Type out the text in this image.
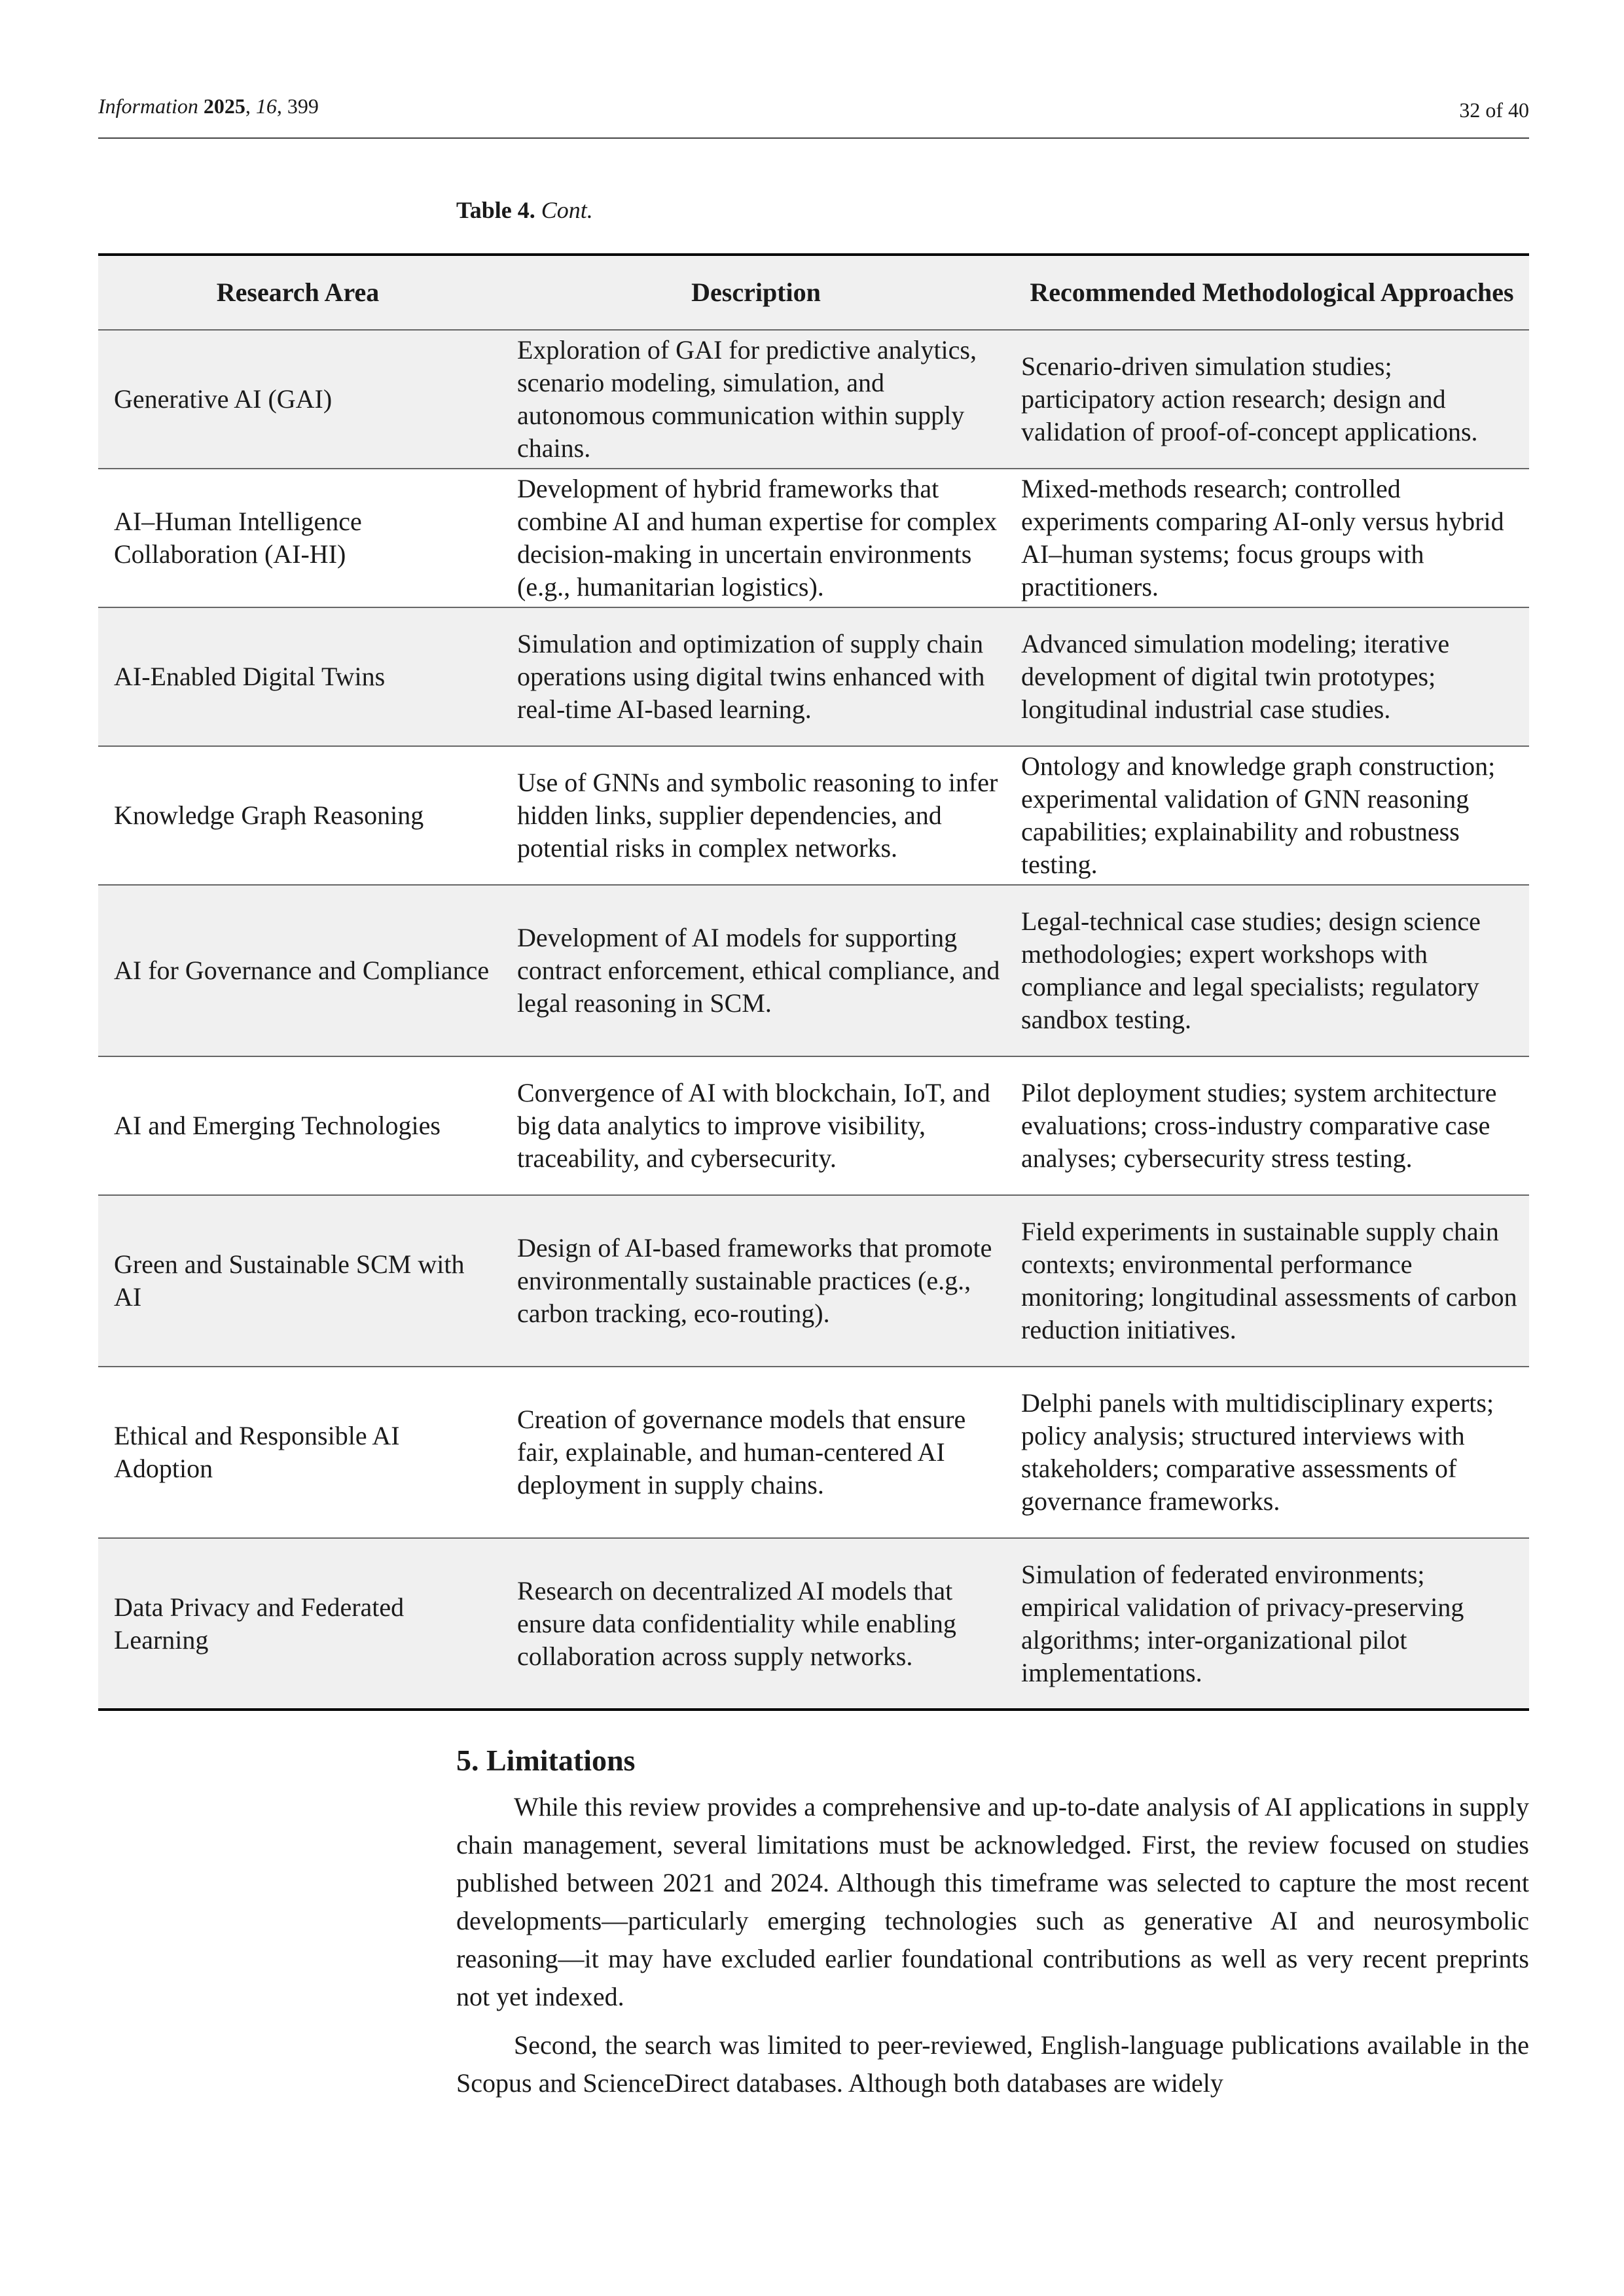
Information 2025, 16, 399	32 of 40
Table 4. Cont.
Research Area	Description	Recommended Methodological Approaches
Generative AI (GAI)	Exploration of GAI for predictive analytics, scenario modeling, simulation, and autonomous communication within supply chains.	Scenario-driven simulation studies; participatory action research; design and validation of proof-of-concept applications.
AI–Human Intelligence Collaboration (AI-HI)	Development of hybrid frameworks that combine AI and human expertise for complex decision-making in uncertain environments (e.g., humanitarian logistics).	Mixed-methods research; controlled experiments comparing AI-only versus hybrid AI–human systems; focus groups with practitioners.
AI-Enabled Digital Twins	Simulation and optimization of supply chain operations using digital twins enhanced with real-time AI-based learning.	Advanced simulation modeling; iterative development of digital twin prototypes; longitudinal industrial case studies.
Knowledge Graph Reasoning	Use of GNNs and symbolic reasoning to infer hidden links, supplier dependencies, and potential risks in complex networks.	Ontology and knowledge graph construction; experimental validation of GNN reasoning capabilities; explainability and robustness testing.
AI for Governance and Compliance	Development of AI models for supporting contract enforcement, ethical compliance, and legal reasoning in SCM.	Legal-technical case studies; design science methodologies; expert workshops with compliance and legal specialists; regulatory sandbox testing.
AI and Emerging Technologies	Convergence of AI with blockchain, IoT, and big data analytics to improve visibility, traceability, and cybersecurity.	Pilot deployment studies; system architecture evaluations; cross-industry comparative case analyses; cybersecurity stress testing.
Green and Sustainable SCM with AI	Design of AI-based frameworks that promote environmentally sustainable practices (e.g., carbon tracking, eco-routing).	Field experiments in sustainable supply chain contexts; environmental performance monitoring; longitudinal assessments of carbon reduction initiatives.
Ethical and Responsible AI Adoption	Creation of governance models that ensure fair, explainable, and human-centered AI deployment in supply chains.	Delphi panels with multidisciplinary experts; policy analysis; structured interviews with stakeholders; comparative assessments of governance frameworks.
Data Privacy and Federated Learning	Research on decentralized AI models that ensure data confidentiality while enabling collaboration across supply networks.	Simulation of federated environments; empirical validation of privacy-preserving algorithms; inter-organizational pilot implementations.
5. Limitations

While this review provides a comprehensive and up-to-date analysis of AI applications in supply chain management, several limitations must be acknowledged. First, the review focused on studies published between 2021 and 2024. Although this timeframe was selected to capture the most recent developments—particularly emerging technologies such as generative AI and neurosymbolic reasoning—it may have excluded earlier foundational contributions as well as very recent preprints not yet indexed.

Second, the search was limited to peer-reviewed, English-language publications available in the Scopus and ScienceDirect databases. Although both databases are widely
